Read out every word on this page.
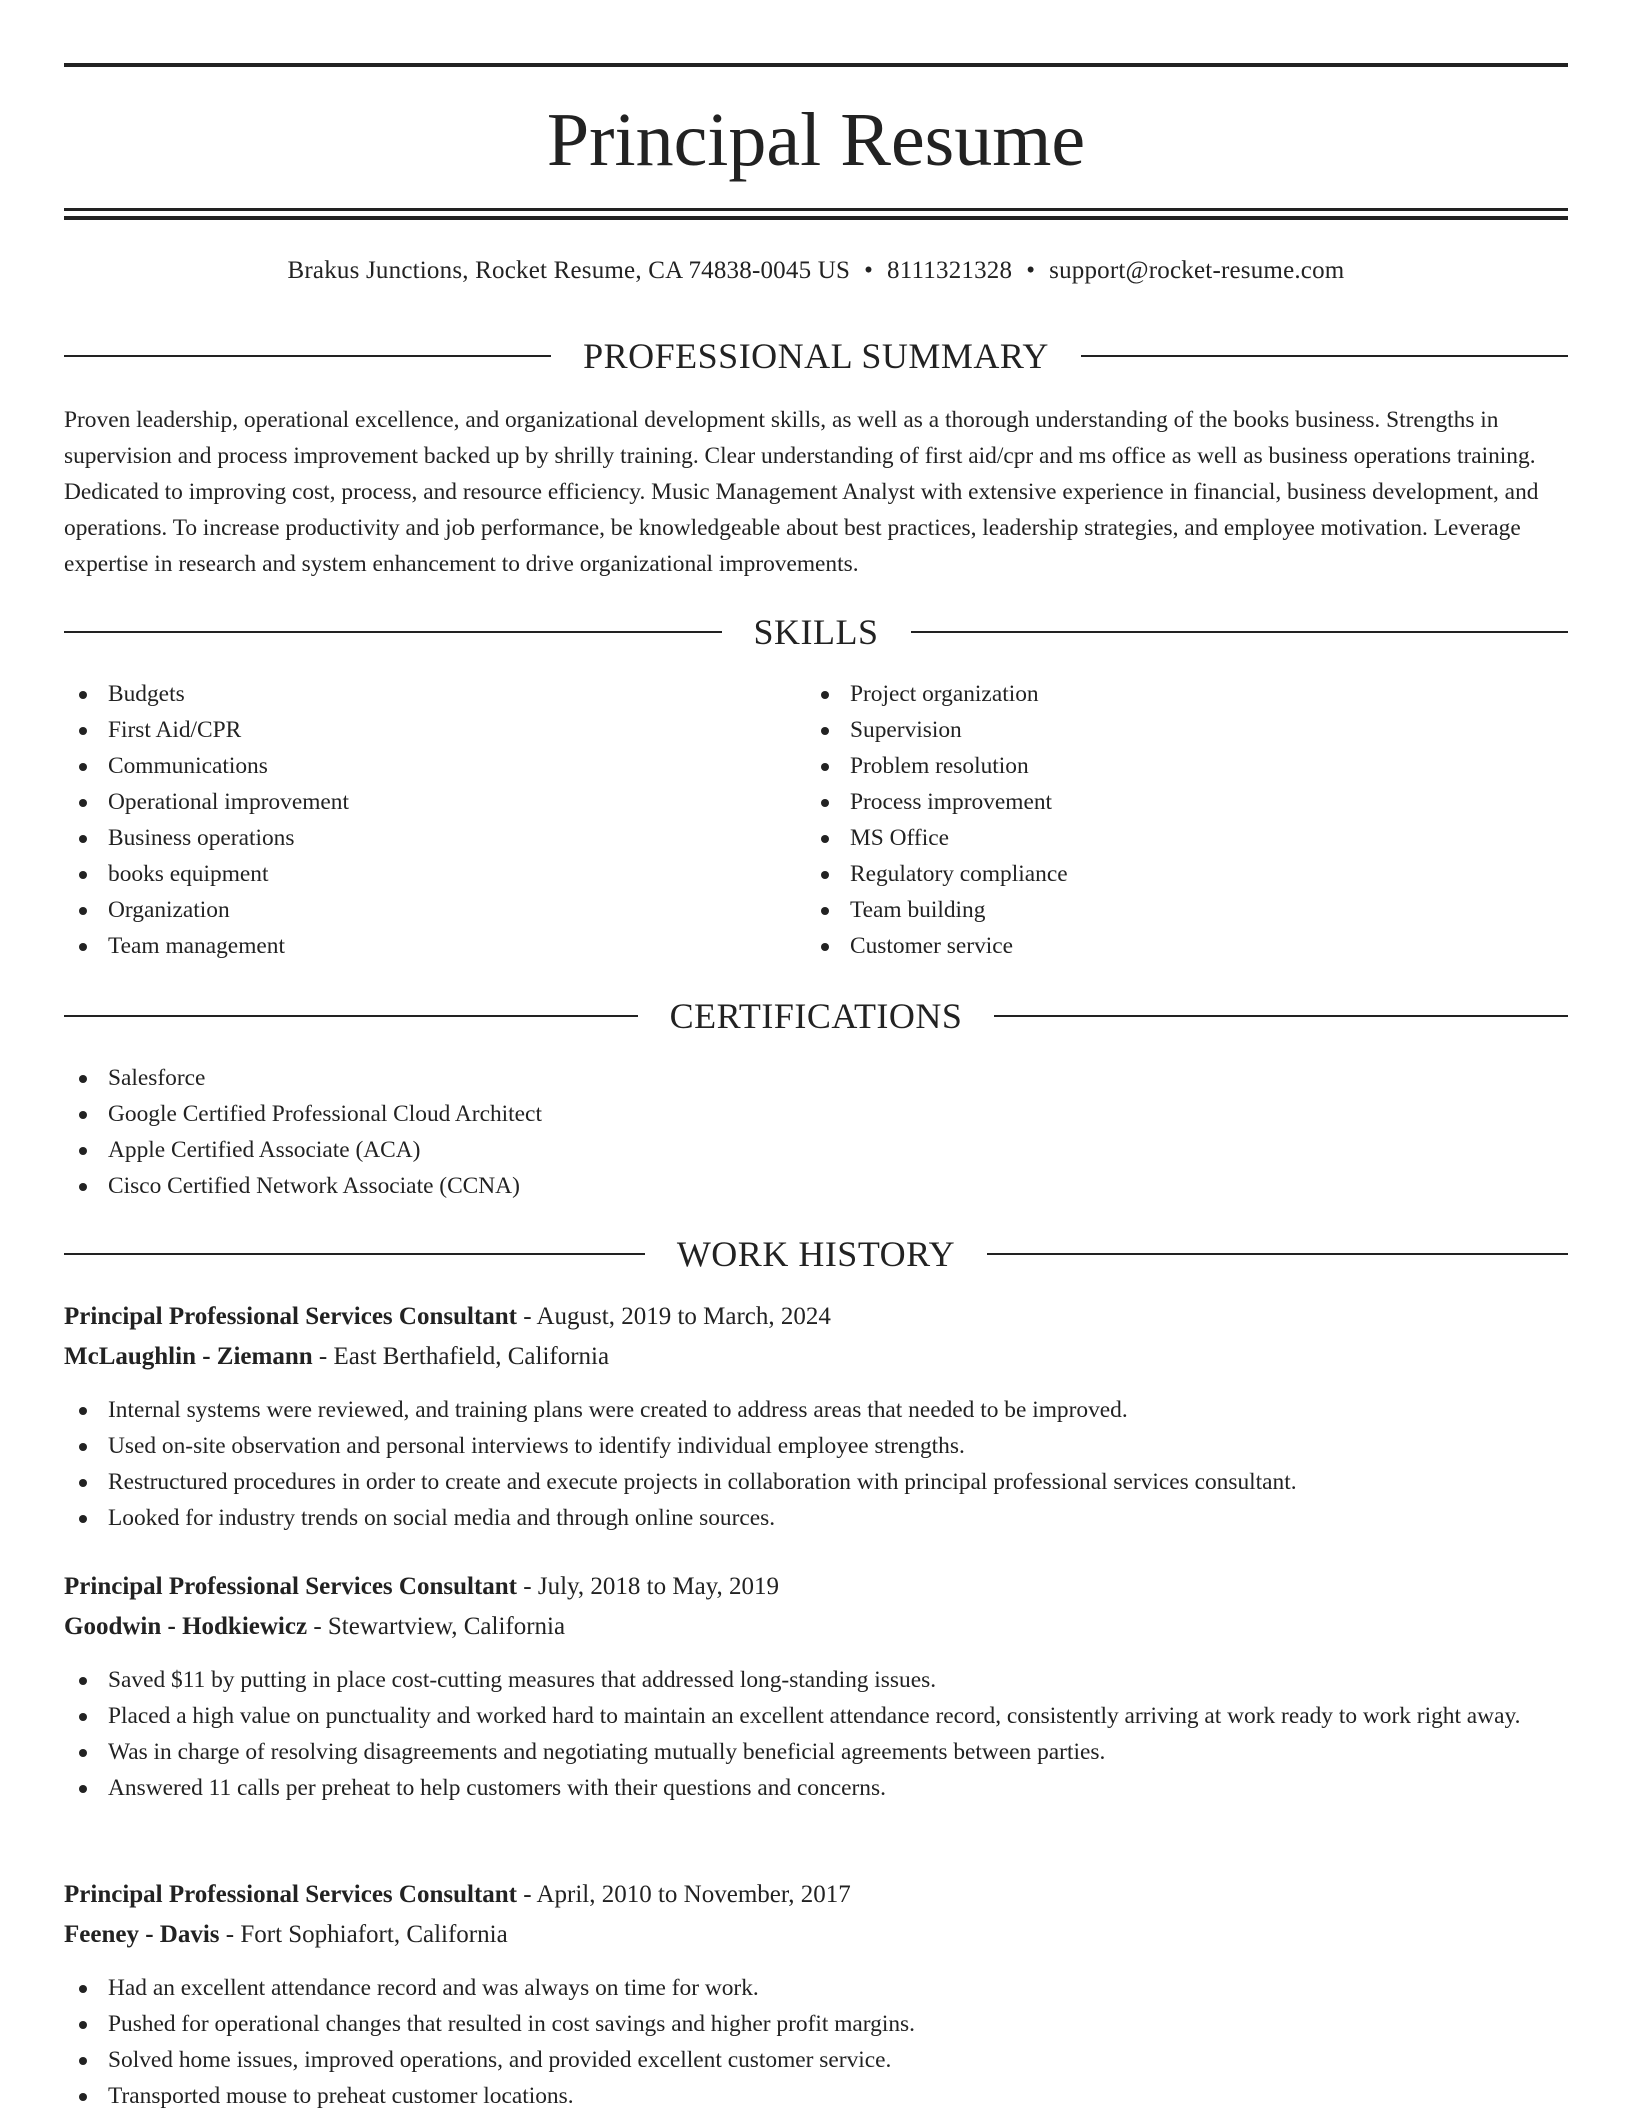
Principal Resume
Brakus Junctions, Rocket Resume, CA 74838-0045 US • 8111321328 • support@rocket-resume.com
PROFESSIONAL SUMMARY
Proven leadership, operational excellence, and organizational development skills, as well as a thorough understanding of the books business. Strengths in supervision and process improvement backed up by shrilly training. Clear understanding of first aid/cpr and ms office as well as business operations training. Dedicated to improving cost, process, and resource efficiency. Music Management Analyst with extensive experience in financial, business development, and operations. To increase productivity and job performance, be knowledgeable about best practices, leadership strategies, and employee motivation. Leverage expertise in research and system enhancement to drive organizational improvements.
SKILLS
Budgets
First Aid/CPR
Communications
Operational improvement
Business operations
books equipment
Organization
Team management
Project organization
Supervision
Problem resolution
Process improvement
MS Office
Regulatory compliance
Team building
Customer service
CERTIFICATIONS
Salesforce
Google Certified Professional Cloud Architect
Apple Certified Associate (ACA)
Cisco Certified Network Associate (CCNA)
WORK HISTORY
Principal Professional Services Consultant - August, 2019 to March, 2024
McLaughlin - Ziemann - East Berthafield, California
Internal systems were reviewed, and training plans were created to address areas that needed to be improved.
Used on-site observation and personal interviews to identify individual employee strengths.
Restructured procedures in order to create and execute projects in collaboration with principal professional services consultant.
Looked for industry trends on social media and through online sources.
Principal Professional Services Consultant - July, 2018 to May, 2019
Goodwin - Hodkiewicz - Stewartview, California
Saved $11 by putting in place cost-cutting measures that addressed long-standing issues.
Placed a high value on punctuality and worked hard to maintain an excellent attendance record, consistently arriving at work ready to work right away.
Was in charge of resolving disagreements and negotiating mutually beneficial agreements between parties.
Answered 11 calls per preheat to help customers with their questions and concerns.
Principal Professional Services Consultant - April, 2010 to November, 2017
Feeney - Davis - Fort Sophiafort, California
Had an excellent attendance record and was always on time for work.
Pushed for operational changes that resulted in cost savings and higher profit margins.
Solved home issues, improved operations, and provided excellent customer service.
Transported mouse to preheat customer locations.
